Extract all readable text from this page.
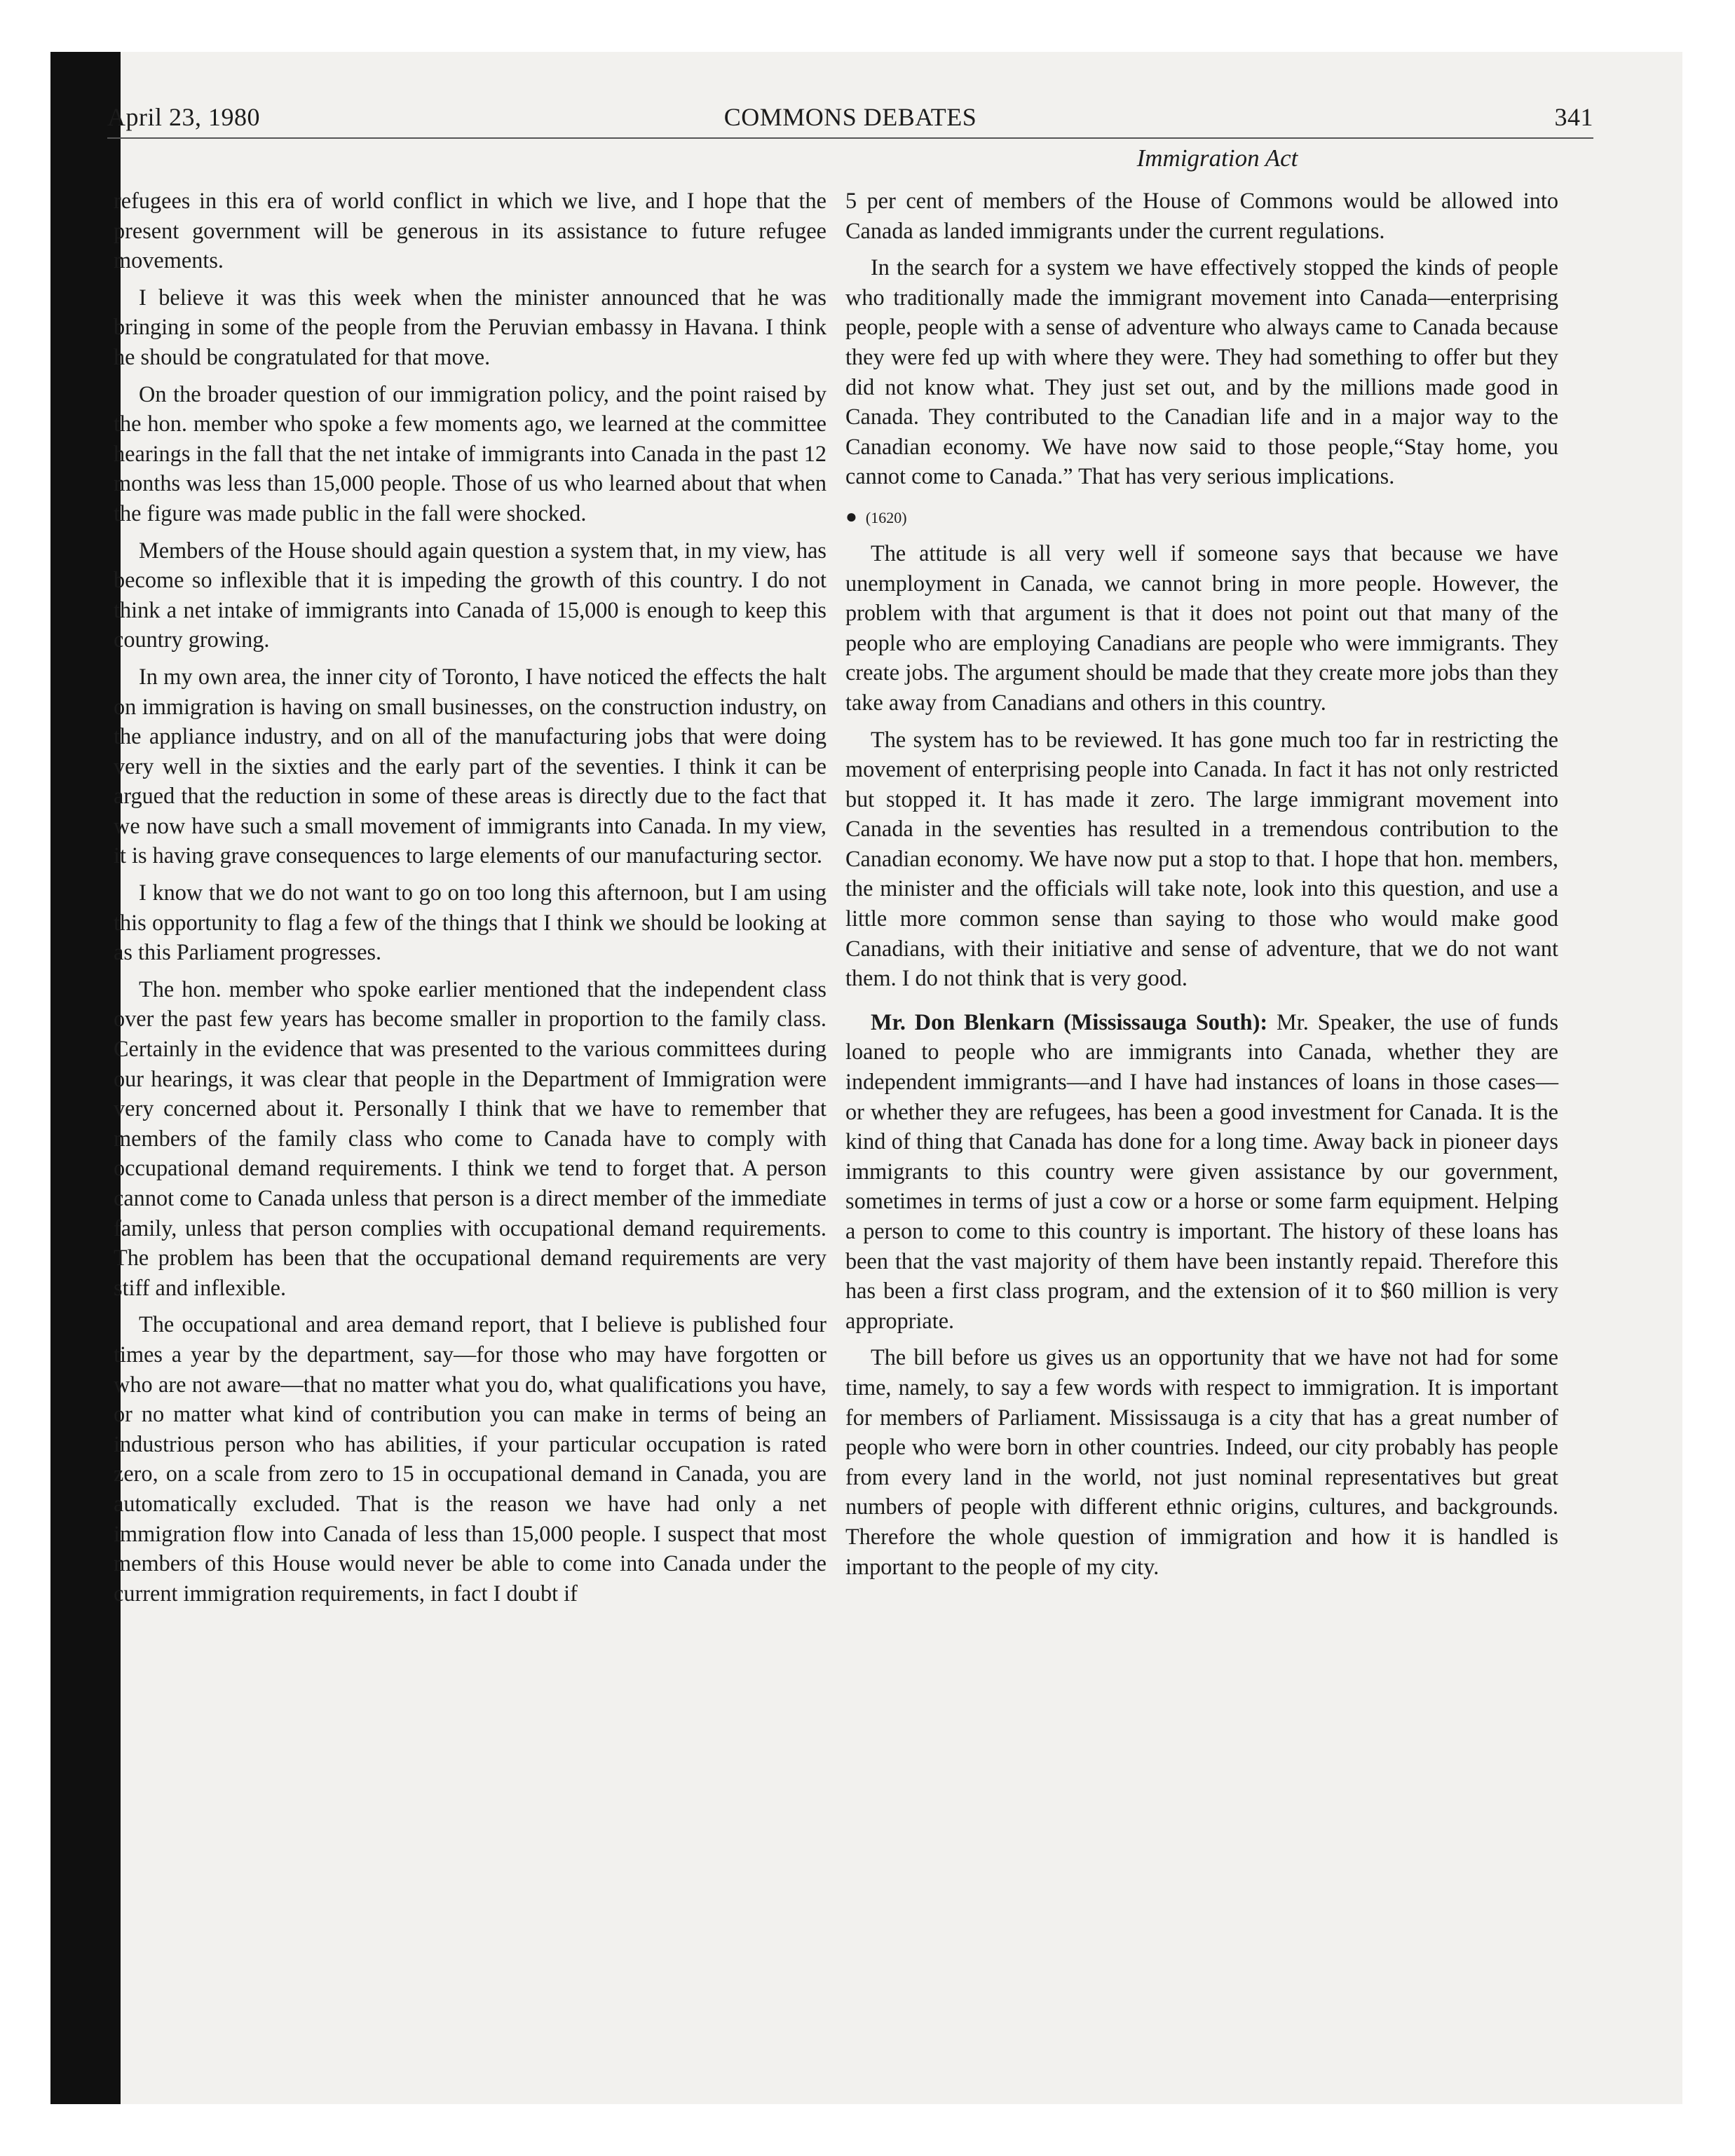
April 23, 1980	COMMONS DEBATES	341
Immigration Act

refugees in this era of world conflict in which we live, and I hope that the present government will be generous in its assistance to future refugee movements.

I believe it was this week when the minister announced that he was bringing in some of the people from the Peruvian embassy in Havana. I think he should be congratulated for that move.

On the broader question of our immigration policy, and the point raised by the hon. member who spoke a few moments ago, we learned at the committee hearings in the fall that the net intake of immigrants into Canada in the past 12 months was less than 15,000 people. Those of us who learned about that when the figure was made public in the fall were shocked.

Members of the House should again question a system that, in my view, has become so inflexible that it is impeding the growth of this country. I do not think a net intake of immigrants into Canada of 15,000 is enough to keep this country growing.

In my own area, the inner city of Toronto, I have noticed the effects the halt on immigration is having on small businesses, on the construction industry, on the appliance industry, and on all of the manufacturing jobs that were doing very well in the sixties and the early part of the seventies. I think it can be argued that the reduction in some of these areas is directly due to the fact that we now have such a small movement of immigrants into Canada. In my view, it is having grave consequences to large elements of our manufacturing sector.

I know that we do not want to go on too long this afternoon, but I am using this opportunity to flag a few of the things that I think we should be looking at as this Parliament progresses.

The hon. member who spoke earlier mentioned that the independent class over the past few years has become smaller in proportion to the family class. Certainly in the evidence that was presented to the various committees during our hearings, it was clear that people in the Department of Immigration were very concerned about it. Personally I think that we have to remember that members of the family class who come to Canada have to comply with occupational demand requirements. I think we tend to forget that. A person cannot come to Canada unless that person is a direct member of the immediate family, unless that person complies with occupational demand requirements. The problem has been that the occupational demand requirements are very stiff and inflexible.

The occupational and area demand report, that I believe is published four times a year by the department, say—for those who may have forgotten or who are not aware—that no matter what you do, what qualifications you have, or no matter what kind of contribution you can make in terms of being an industrious person who has abilities, if your particular occupation is rated zero, on a scale from zero to 15 in occupational demand in Canada, you are automatically excluded. That is the reason we have had only a net immigration flow into Canada of less than 15,000 people. I suspect that most members of this House would never be able to come into Canada under the current immigration requirements, in fact I doubt if

5 per cent of members of the House of Commons would be allowed into Canada as landed immigrants under the current regulations.

In the search for a system we have effectively stopped the kinds of people who traditionally made the immigrant movement into Canada—enterprising people, people with a sense of adventure who always came to Canada because they were fed up with where they were. They had something to offer but they did not know what. They just set out, and by the millions made good in Canada. They contributed to the Canadian life and in a major way to the Canadian economy. We have now said to those people,“Stay home, you cannot come to Canada.” That has very serious implications.

● (1620)

The attitude is all very well if someone says that because we have unemployment in Canada, we cannot bring in more people. However, the problem with that argument is that it does not point out that many of the people who are employing Canadians are people who were immigrants. They create jobs. The argument should be made that they create more jobs than they take away from Canadians and others in this country.

The system has to be reviewed. It has gone much too far in restricting the movement of enterprising people into Canada. In fact it has not only restricted but stopped it. It has made it zero. The large immigrant movement into Canada in the seventies has resulted in a tremendous contribution to the Canadian economy. We have now put a stop to that. I hope that hon. members, the minister and the officials will take note, look into this question, and use a little more common sense than saying to those who would make good Canadians, with their initiative and sense of adventure, that we do not want them. I do not think that is very good.

Mr. Don Blenkarn (Mississauga South): Mr. Speaker, the use of funds loaned to people who are immigrants into Canada, whether they are independent immigrants—and I have had instances of loans in those cases—or whether they are refugees, has been a good investment for Canada. It is the kind of thing that Canada has done for a long time. Away back in pioneer days immigrants to this country were given assistance by our government, sometimes in terms of just a cow or a horse or some farm equipment. Helping a person to come to this country is important. The history of these loans has been that the vast majority of them have been instantly repaid. Therefore this has been a first class program, and the extension of it to $60 million is very appropriate.

The bill before us gives us an opportunity that we have not had for some time, namely, to say a few words with respect to immigration. It is important for members of Parliament. Mississauga is a city that has a great number of people who were born in other countries. Indeed, our city probably has people from every land in the world, not just nominal representatives but great numbers of people with different ethnic origins, cultures, and backgrounds. Therefore the whole question of immigration and how it is handled is important to the people of my city.
